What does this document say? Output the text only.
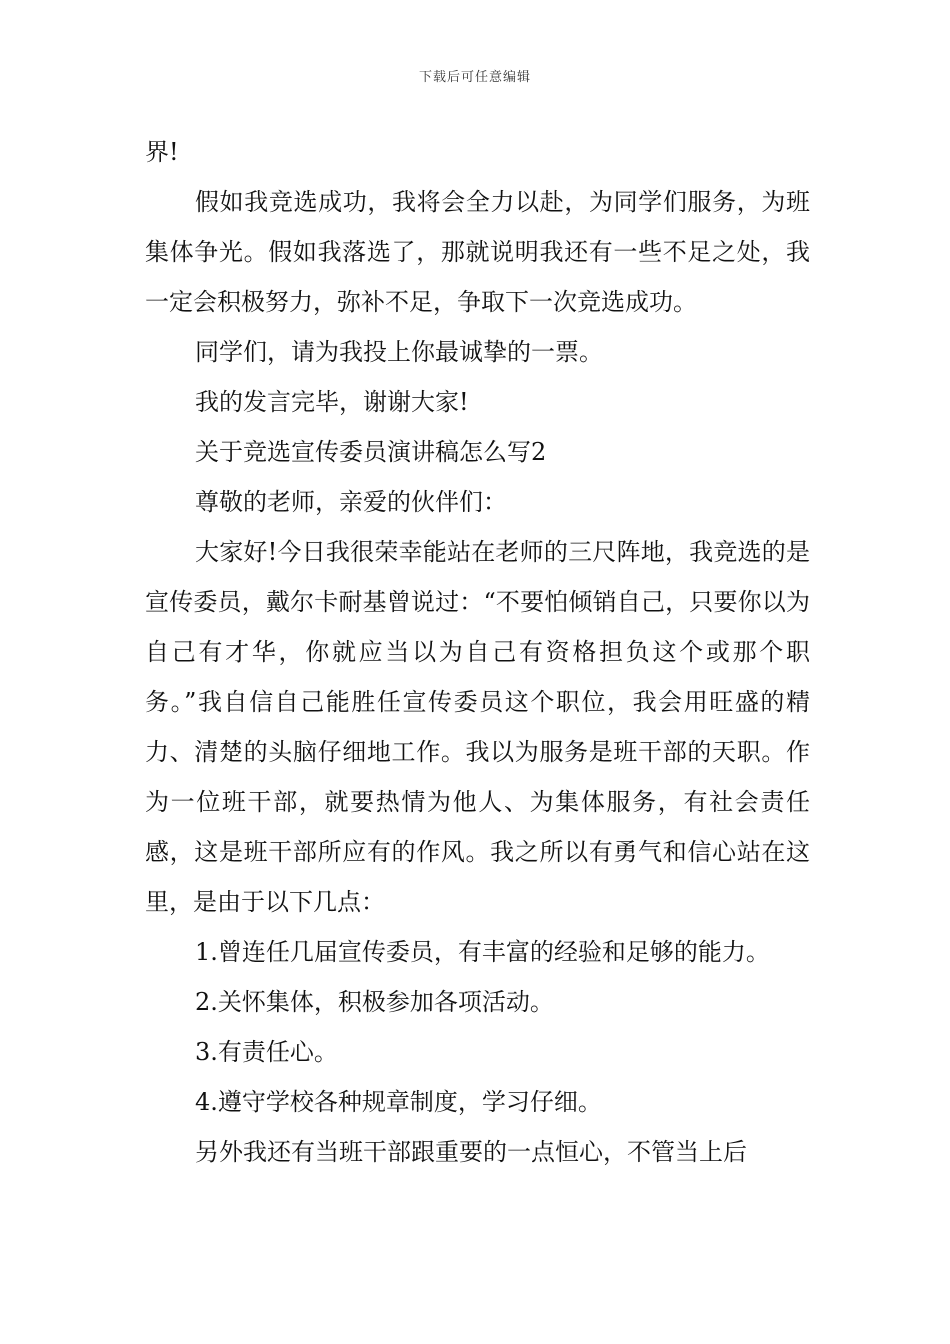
下载后可任意编辑

界!

假如我竞选成功，我将会全力以赴，为同学们服务，为班集体争光。假如我落选了，那就说明我还有一些不足之处，我一定会积极努力，弥补不足，争取下一次竞选成功。

同学们，请为我投上你最诚挚的一票。

我的发言完毕，谢谢大家!

关于竞选宣传委员演讲稿怎么写2

尊敬的老师，亲爱的伙伴们：

大家好!今日我很荣幸能站在老师的三尺阵地，我竞选的是宣传委员，戴尔卡耐基曾说过：“不要怕倾销自己，只要你以为自己有才华，你就应当以为自己有资格担负这个或那个职务。”我自信自己能胜任宣传委员这个职位，我会用旺盛的精力、清楚的头脑仔细地工作。我以为服务是班干部的天职。作为一位班干部，就要热情为他人、为集体服务，有社会责任感，这是班干部所应有的作风。我之所以有勇气和信心站在这里，是由于以下几点：

1.曾连任几届宣传委员，有丰富的经验和足够的能力。

2.关怀集体，积极参加各项活动。

3.有责任心。

4.遵守学校各种规章制度，学习仔细。

另外我还有当班干部跟重要的一点恒心，不管当上后
